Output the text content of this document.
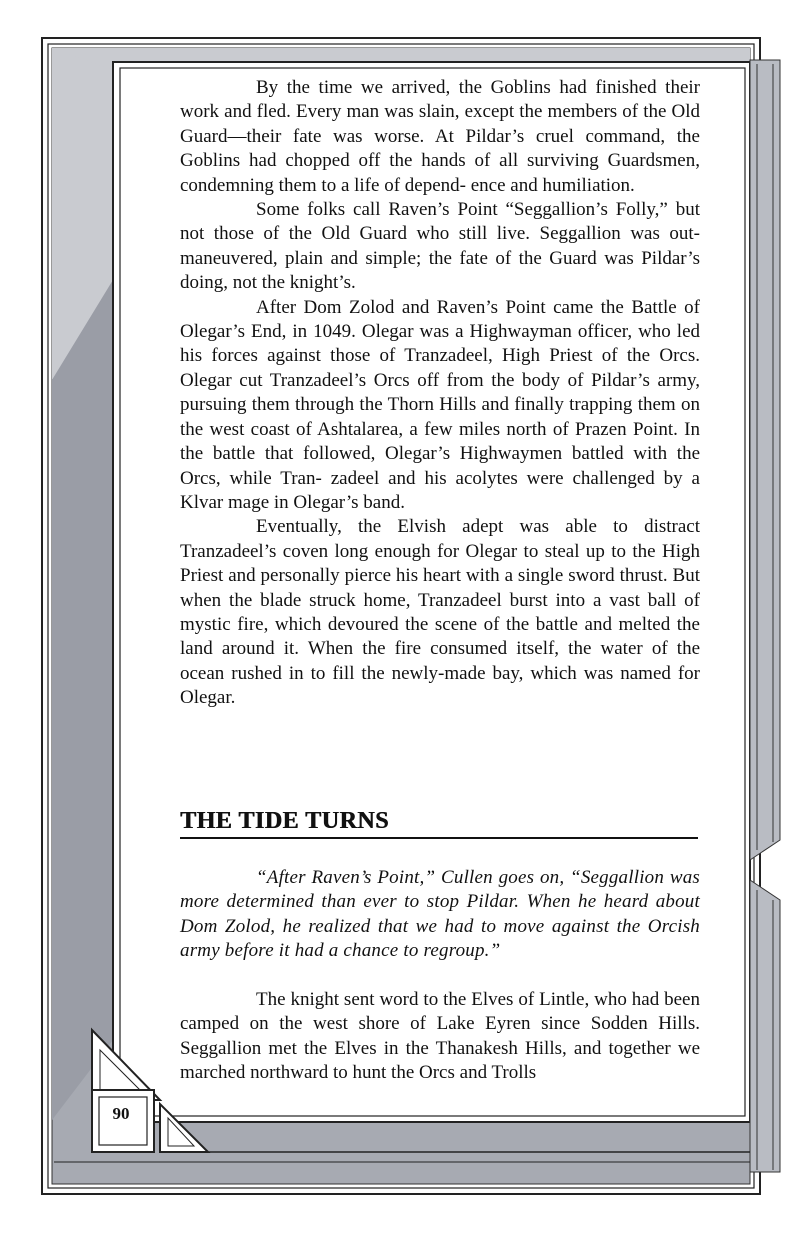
By the time we arrived, the Goblins had finished their work and fled. Every man was slain, except the members of the Old Guard—their fate was worse. At Pildar’s cruel command, the Goblins had chopped off the hands of all surviving Guardsmen, condemning them to a life of depend- ence and humiliation.

Some folks call Raven’s Point “Seggallion’s Folly,” but not those of the Old Guard who still live. Seggallion was out-maneuvered, plain and simple; the fate of the Guard was Pildar’s doing, not the knight’s.

After Dom Zolod and Raven’s Point came the Battle of Olegar’s End, in 1049. Olegar was a Highwayman officer, who led his forces against those of Tranzadeel, High Priest of the Orcs. Olegar cut Tranzadeel’s Orcs off from the body of Pildar’s army, pursuing them through the Thorn Hills and finally trapping them on the west coast of Ashtalarea, a few miles north of Prazen Point. In the battle that followed, Olegar’s Highwaymen battled with the Orcs, while Tran- zadeel and his acolytes were challenged by a Klvar mage in Olegar’s band.

Eventually, the Elvish adept was able to distract Tranzadeel’s coven long enough for Olegar to steal up to the High Priest and personally pierce his heart with a single sword thrust. But when the blade struck home, Tranzadeel burst into a vast ball of mystic fire, which devoured the scene of the battle and melted the land around it. When the fire consumed itself, the water of the ocean rushed in to fill the newly-made bay, which was named for Olegar.

THE TIDE TURNS

“After Raven’s Point,” Cullen goes on, “Seggallion was more determined than ever to stop Pildar. When he heard about Dom Zolod, he realized that we had to move against the Orcish army before it had a chance to regroup.”

The knight sent word to the Elves of Lintle, who had been camped on the west shore of Lake Eyren since Sodden Hills. Seggallion met the Elves in the Thanakesh Hills, and together we marched northward to hunt the Orcs and Trolls

90
